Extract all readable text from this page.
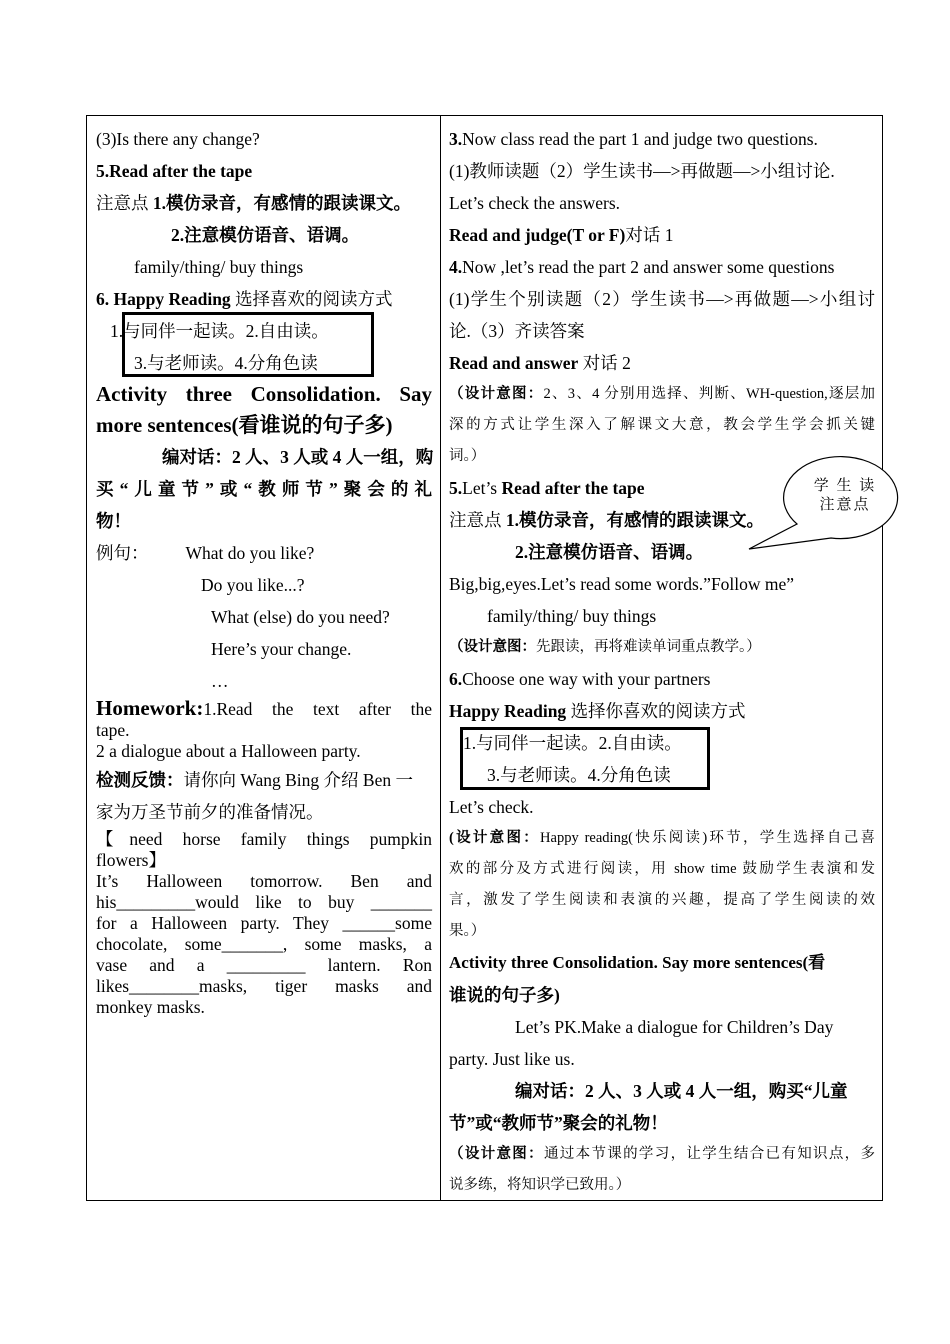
(3)Is there any change?
5.Read after the tape
注意点 1.模仿录音，有感情的跟读课文。
2.注意模仿语音、语调。
family/thing/ buy things
6. Happy Reading 选择喜欢的阅读方式
1.与同伴一起读。2.自由读。
3.与老师读。4.分角色读
Activity three Consolidation. Say
more sentences(看谁说的句子多)
编对话：2 人、3 人或 4 人一组，购
买“儿童节”或“教师节”聚会的礼
物！
例句： What do you like?
Do you like...?
What (else) do you need?
Here’s your change.
…
Homework:1.Read the text after the
tape.
2 a dialogue about a Halloween party.
检测反馈：请你向 Wang Bing 介绍 Ben 一
家为万圣节前夕的准备情况。
【need horse family things pumpkin
flowers】
It’s Halloween tomorrow. Ben and
his_________would like to buy _______
for a Halloween party. They ______some
chocolate, some_______, some masks, a
vase and a _________ lantern. Ron
likes________masks, tiger masks and
monkey masks.
3.Now class read the part 1 and judge two questions.
(1)教师读题（2）学生读书—>再做题—>小组讨论.
Let’s check the answers.
Read and judge(T or F)对话 1
4.Now ,let’s read the part 2 and answer some questions
(1)学生个别读题（2）学生读书—>再做题—>小组讨
论.（3）齐读答案
Read and answer 对话 2
（设计意图：2、3、4 分别用选择、判断、WH-question,逐层加
深的方式让学生深入了解课文大意，教会学生学会抓关键
词。）
5.Let’s Read after the tape
注意点 1.模仿录音，有感情的跟读课文。
2.注意模仿语音、语调。
Big,big,eyes.Let’s read some words.”Follow me”
family/thing/ buy things
（设计意图：先跟读，再将难读单词重点教学。）
6.Choose one way with your partners
Happy Reading 选择你喜欢的阅读方式
1.与同伴一起读。2.自由读。
3.与老师读。4.分角色读
Let’s check.
(设计意图：Happy reading(快乐阅读)环节，学生选择自己喜
欢的部分及方式进行阅读，用 show time 鼓励学生表演和发
言，激发了学生阅读和表演的兴趣，提高了学生阅读的效
果。）
Activity three Consolidation. Say more sentences(看
谁说的句子多)
Let’s PK.Make a dialogue for Children’s Day
party. Just like us.
编对话：2 人、3 人或 4 人一组，购买“儿童
节”或“教师节”聚会的礼物！
（设计意图：通过本节课的学习，让学生结合已有知识点，多
说多练，将知识学已致用。）
学 生 读
注意点
